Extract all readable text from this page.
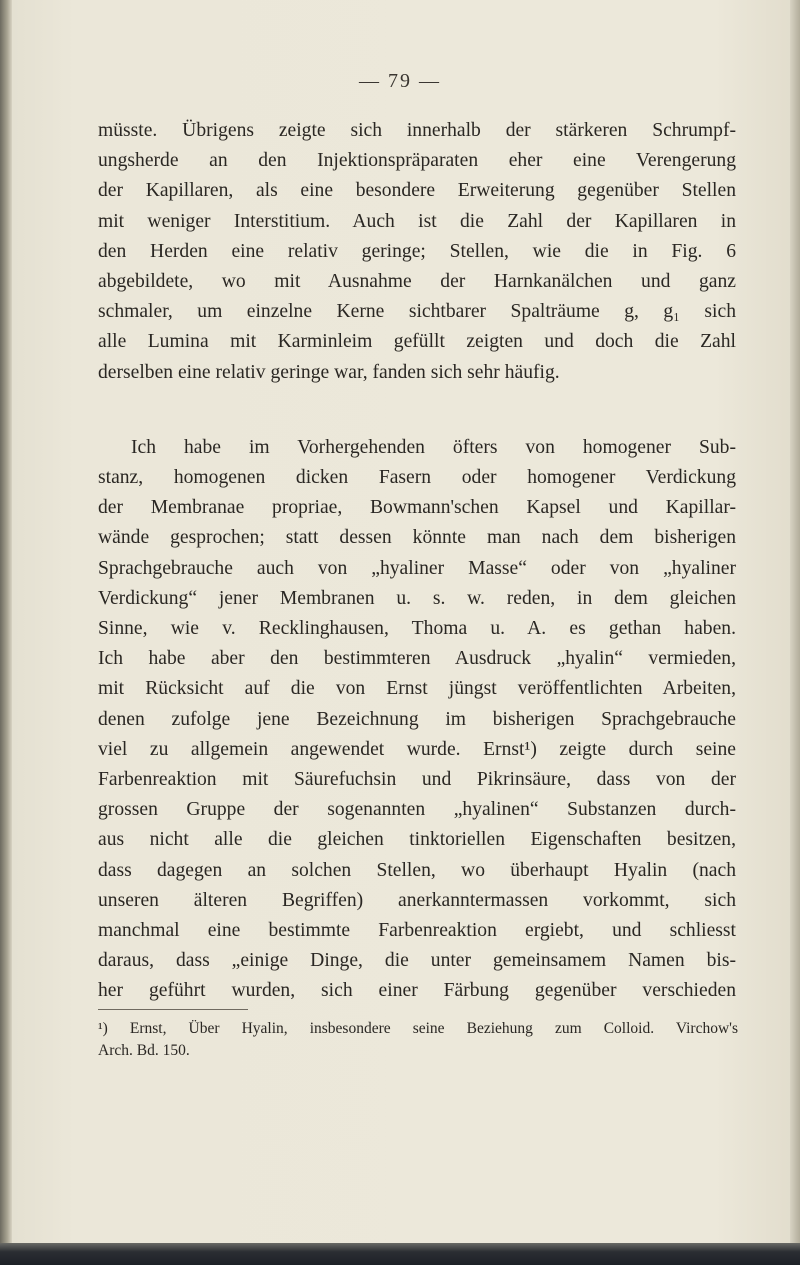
— 79 —
müsste. Übrigens zeigte sich innerhalb der stärkeren Schrumpf-
ungsherde an den Injektionspräparaten eher eine Verengerung
der Kapillaren, als eine besondere Erweiterung gegenüber Stellen
mit weniger Interstitium. Auch ist die Zahl der Kapillaren in
den Herden eine relativ geringe; Stellen, wie die in Fig. 6
abgebildete, wo mit Ausnahme der Harnkanälchen und ganz
schmaler, um einzelne Kerne sichtbarer Spalträume g, g₁ sich
alle Lumina mit Karminleim gefüllt zeigten und doch die Zahl
derselben eine relativ geringe war, fanden sich sehr häufig.
Ich habe im Vorhergehenden öfters von homogener Sub-
stanz, homogenen dicken Fasern oder homogener Verdickung
der Membranae propriae, Bowmann'schen Kapsel und Kapillar-
wände gesprochen; statt dessen könnte man nach dem bisherigen
Sprachgebrauche auch von „hyaliner Masse“ oder von „hyaliner
Verdickung“ jener Membranen u. s. w. reden, in dem gleichen
Sinne, wie v. Recklinghausen, Thoma u. A. es gethan haben.
Ich habe aber den bestimmteren Ausdruck „hyalin“ vermieden,
mit Rücksicht auf die von Ernst jüngst veröffentlichten Arbeiten,
denen zufolge jene Bezeichnung im bisherigen Sprachgebrauche
viel zu allgemein angewendet wurde. Ernst¹) zeigte durch seine
Farbenreaktion mit Säurefuchsin und Pikrinsäure, dass von der
grossen Gruppe der sogenannten „hyalinen“ Substanzen durch-
aus nicht alle die gleichen tinktoriellen Eigenschaften besitzen,
dass dagegen an solchen Stellen, wo überhaupt Hyalin (nach
unseren älteren Begriffen) anerkanntermassen vorkommt, sich
manchmal eine bestimmte Farbenreaktion ergiebt, und schliesst
daraus, dass „einige Dinge, die unter gemeinsamem Namen bis-
her geführt wurden, sich einer Färbung gegenüber verschieden
¹) Ernst, Über Hyalin, insbesondere seine Beziehung zum Colloid. Virchow's
Arch. Bd. 150.
